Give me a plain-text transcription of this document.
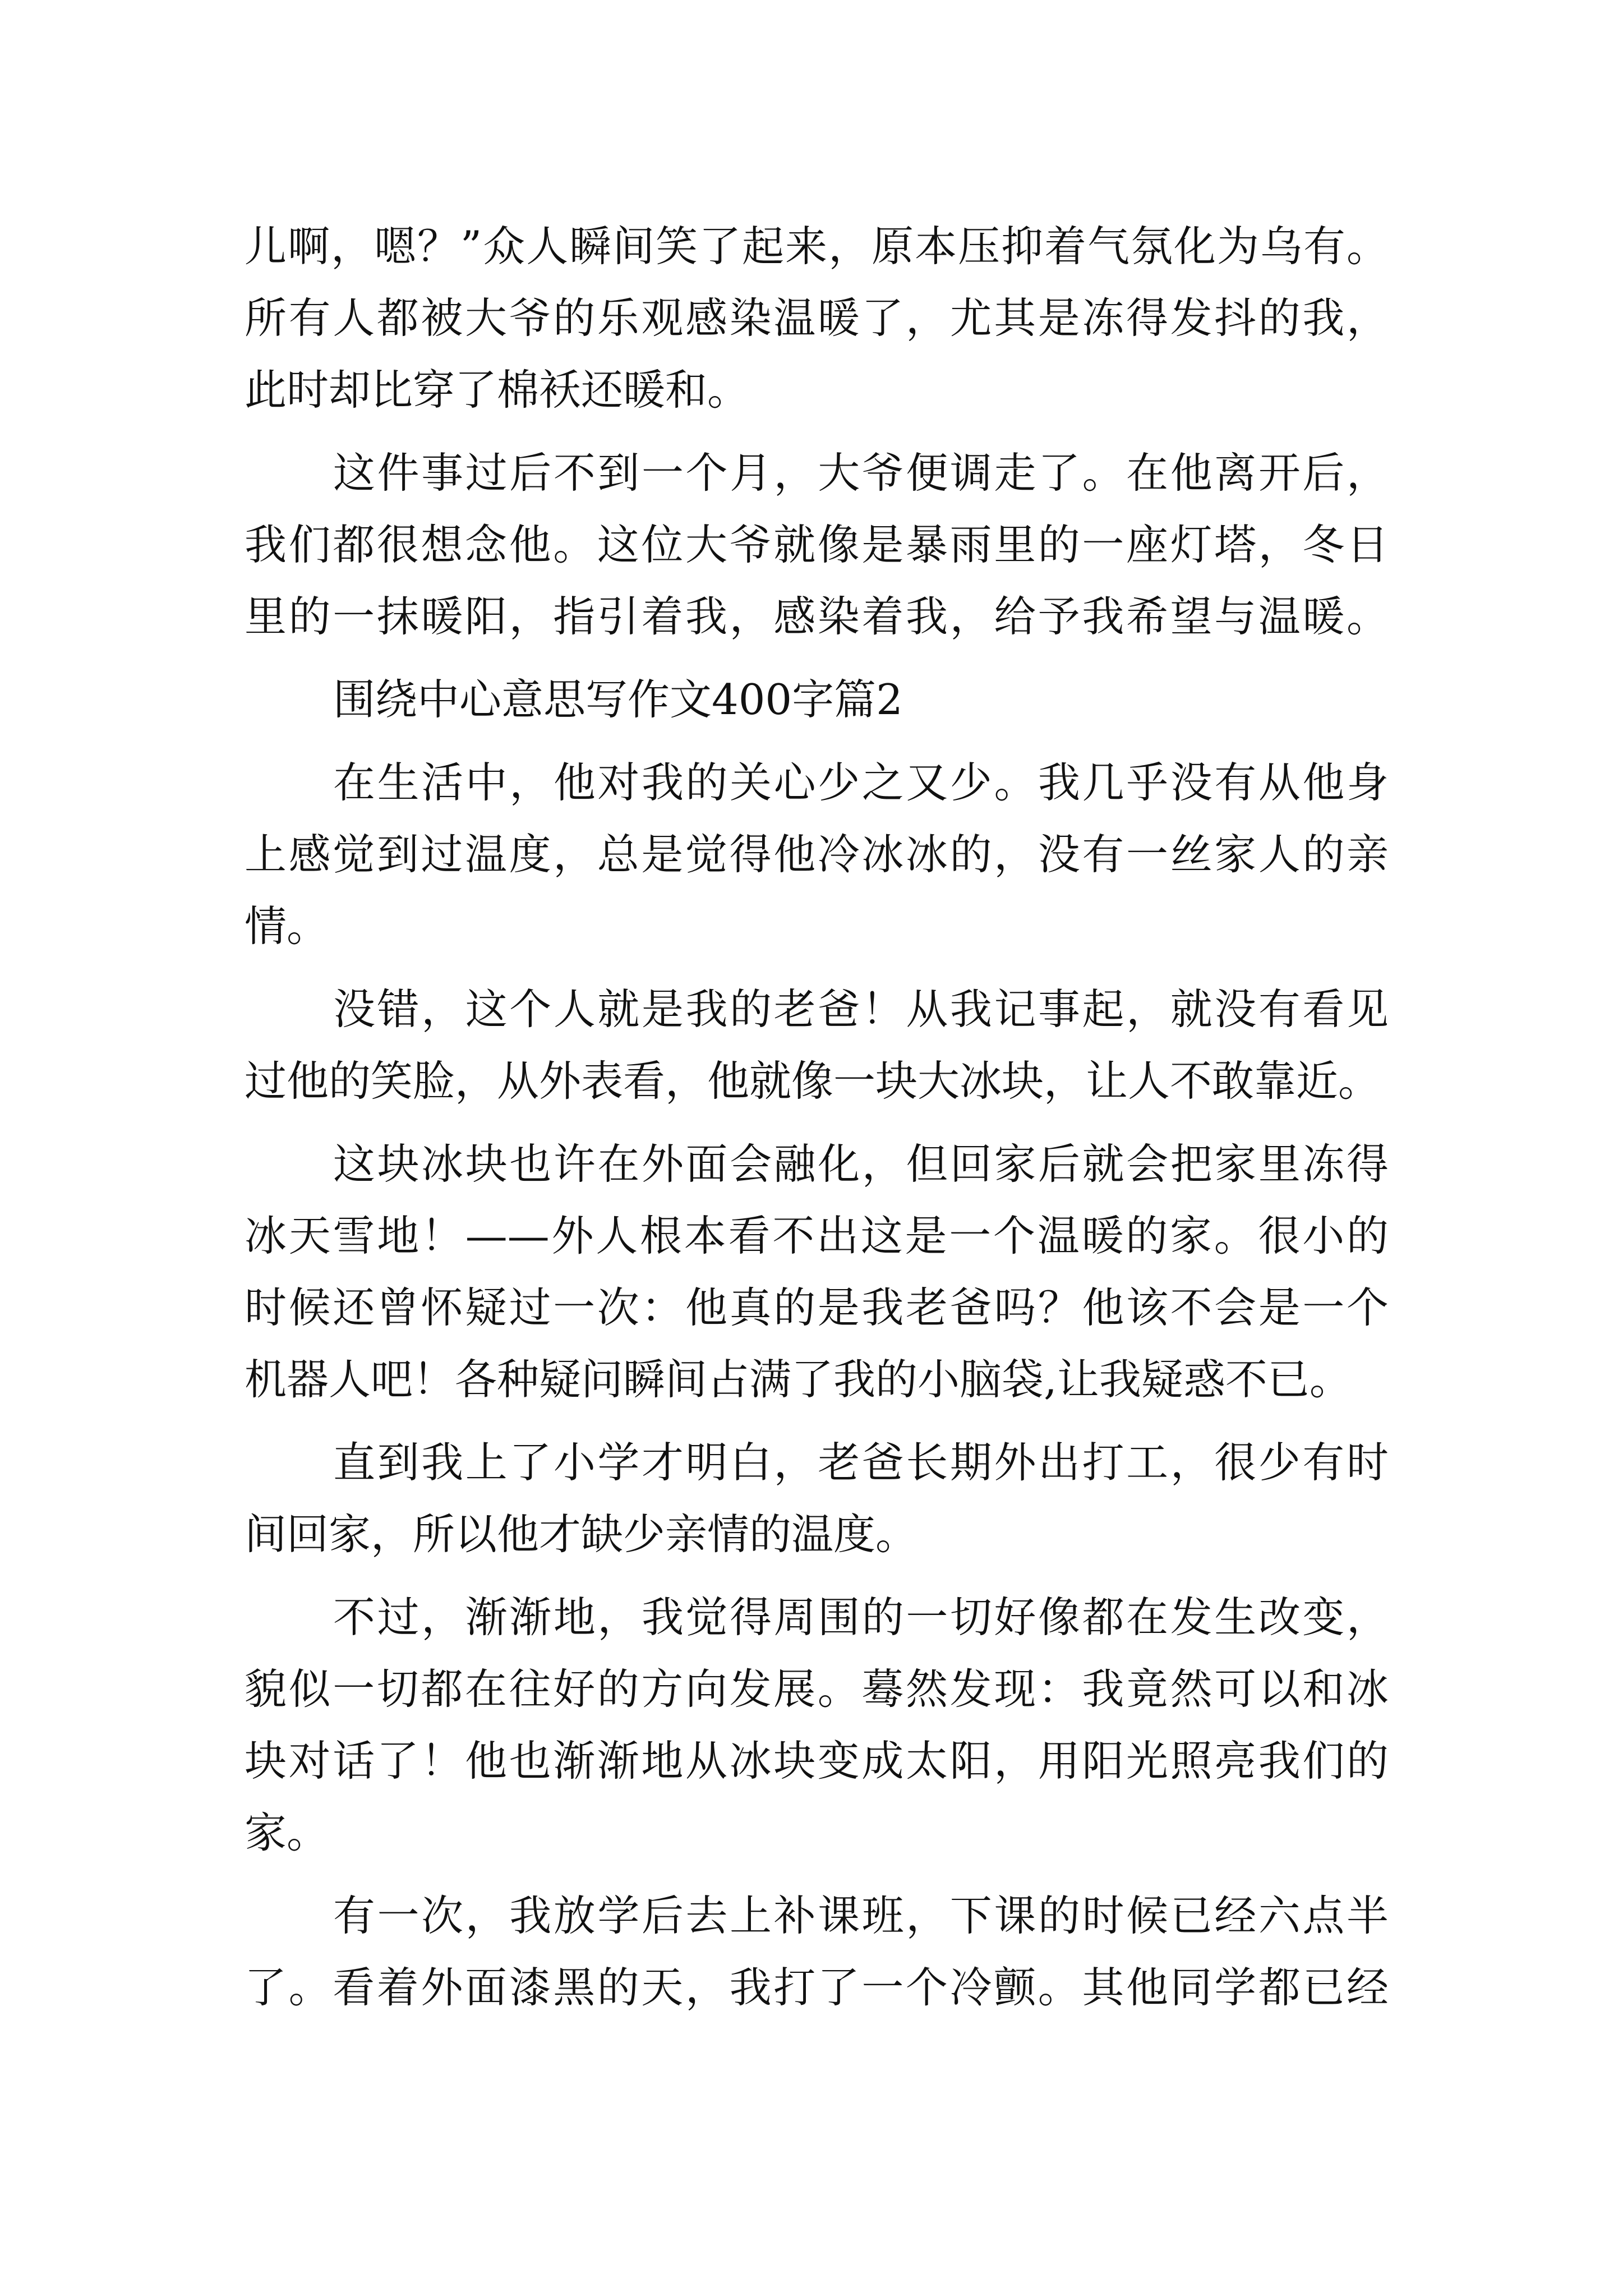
儿啊，嗯？”众人瞬间笑了起来，原本压抑着气氛化为乌有。
所有人都被大爷的乐观感染温暖了，尤其是冻得发抖的我，
此时却比穿了棉袄还暖和。
这件事过后不到一个月，大爷便调走了。在他离开后，
我们都很想念他。这位大爷就像是暴雨里的一座灯塔，冬日
里的一抹暖阳，指引着我，感染着我，给予我希望与温暖。
围绕中心意思写作文400字篇2
在生活中，他对我的关心少之又少。我几乎没有从他身
上感觉到过温度，总是觉得他冷冰冰的，没有一丝家人的亲
情。
没错，这个人就是我的老爸！从我记事起，就没有看见
过他的笑脸，从外表看，他就像一块大冰块，让人不敢靠近。
这块冰块也许在外面会融化，但回家后就会把家里冻得
冰天雪地！——外人根本看不出这是一个温暖的家。很小的
时候还曾怀疑过一次：他真的是我老爸吗？他该不会是一个
机器人吧！各种疑问瞬间占满了我的小脑袋,让我疑惑不已。
直到我上了小学才明白，老爸长期外出打工，很少有时
间回家，所以他才缺少亲情的温度。
不过，渐渐地，我觉得周围的一切好像都在发生改变，
貌似一切都在往好的方向发展。蓦然发现：我竟然可以和冰
块对话了！他也渐渐地从冰块变成太阳，用阳光照亮我们的
家。
有一次，我放学后去上补课班，下课的时候已经六点半
了。看着外面漆黑的天，我打了一个冷颤。其他同学都已经
